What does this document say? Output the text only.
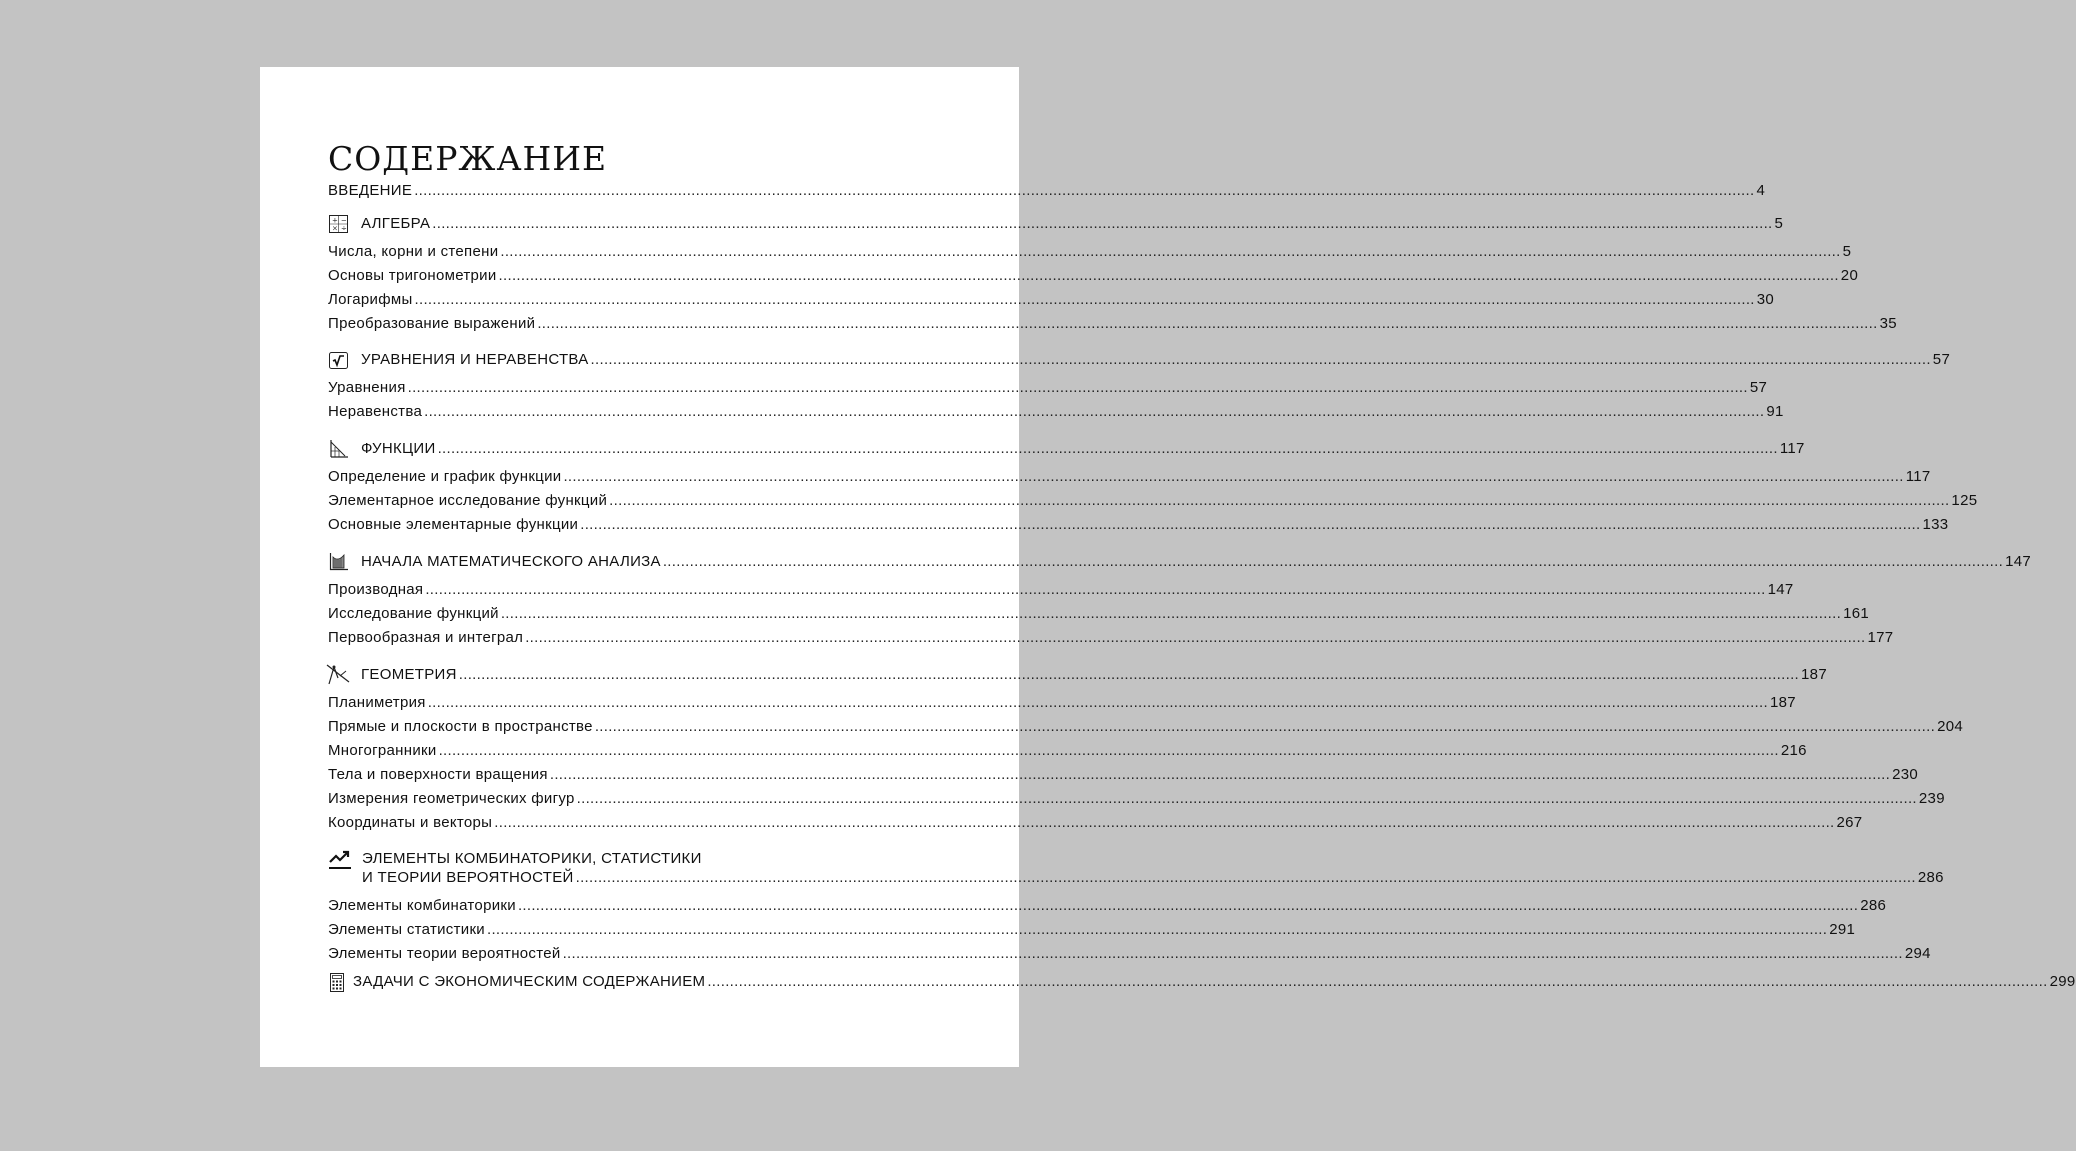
СОДЕРЖАНИЕ
ВВЕДЕНИЕ ............................................................................................................................................................................................................................................................................................................ 4
+ −
× ÷ АЛГЕБРА ............................................................................................................................................................................................................................................................................................................ 5
Числа, корни и степени ............................................................................................................................................................................................................................................................................................................ 5
Основы тригонометрии ............................................................................................................................................................................................................................................................................................................ 20
Логарифмы ............................................................................................................................................................................................................................................................................................................ 30
Преобразование выражений ............................................................................................................................................................................................................................................................................................................ 35
УРАВНЕНИЯ И НЕРАВЕНСТВА ............................................................................................................................................................................................................................................................................................................ 57
Уравнения ............................................................................................................................................................................................................................................................................................................ 57
Неравенства ............................................................................................................................................................................................................................................................................................................ 91
ФУНКЦИИ ............................................................................................................................................................................................................................................................................................................ 117
Определение и график функции ............................................................................................................................................................................................................................................................................................................ 117
Элементарное исследование функций ............................................................................................................................................................................................................................................................................................................ 125
Основные элементарные функции ............................................................................................................................................................................................................................................................................................................ 133
НАЧАЛА МАТЕМАТИЧЕСКОГО АНАЛИЗА ............................................................................................................................................................................................................................................................................................................ 147
Производная ............................................................................................................................................................................................................................................................................................................ 147
Исследование функций ............................................................................................................................................................................................................................................................................................................ 161
Первообразная и интеграл ............................................................................................................................................................................................................................................................................................................ 177
ГЕОМЕТРИЯ ............................................................................................................................................................................................................................................................................................................ 187
Планиметрия ............................................................................................................................................................................................................................................................................................................ 187
Прямые и плоскости в пространстве ............................................................................................................................................................................................................................................................................................................ 204
Многогранники ............................................................................................................................................................................................................................................................................................................ 216
Тела и поверхности вращения ............................................................................................................................................................................................................................................................................................................ 230
Измерения геометрических фигур ............................................................................................................................................................................................................................................................................................................ 239
Координаты и векторы ............................................................................................................................................................................................................................................................................................................ 267
ЭЛЕМЕНТЫ КОМБИНАТОРИКИ, СТАТИСТИКИ
И ТЕОРИИ ВЕРОЯТНОСТЕЙ ............................................................................................................................................................................................................................................................................................................ 286
Элементы комбинаторики ............................................................................................................................................................................................................................................................................................................ 286
Элементы статистики ............................................................................................................................................................................................................................................................................................................ 291
Элементы теории вероятностей ............................................................................................................................................................................................................................................................................................................ 294
ЗАДАЧИ С ЭКОНОМИЧЕСКИМ СОДЕРЖАНИЕМ ............................................................................................................................................................................................................................................................................................................ 299
